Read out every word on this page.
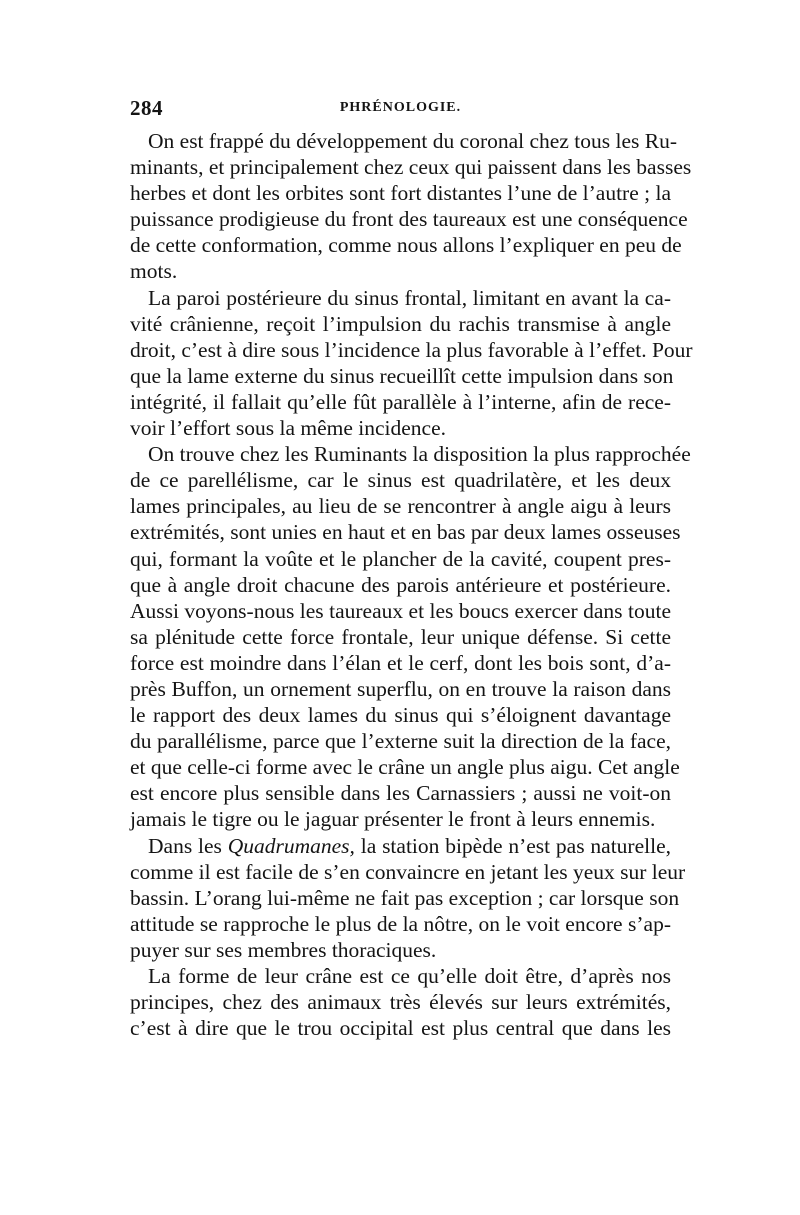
284	PHRÉNOLOGIE.
On est frappé du développement du coronal chez tous les Ru-
minants, et principalement chez ceux qui paissent dans les basses
herbes et dont les orbites sont fort distantes l’une de l’autre ; la
puissance prodigieuse du front des taureaux est une conséquence
de cette conformation, comme nous allons l’expliquer en peu de
mots.
La paroi postérieure du sinus frontal, limitant en avant la ca-
vité crânienne, reçoit l’impulsion du rachis transmise à angle
droit, c’est à dire sous l’incidence la plus favorable à l’effet. Pour
que la lame externe du sinus recueillît cette impulsion dans son
intégrité, il fallait qu’elle fût parallèle à l’interne, afin de rece-
voir l’effort sous la même incidence.
On trouve chez les Ruminants la disposition la plus rapprochée
de ce parellélisme, car le sinus est quadrilatère, et les deux
lames principales, au lieu de se rencontrer à angle aigu à leurs
extrémités, sont unies en haut et en bas par deux lames osseuses
qui, formant la voûte et le plancher de la cavité, coupent pres-
que à angle droit chacune des parois antérieure et postérieure.
Aussi voyons-nous les taureaux et les boucs exercer dans toute
sa plénitude cette force frontale, leur unique défense. Si cette
force est moindre dans l’élan et le cerf, dont les bois sont, d’a-
près Buffon, un ornement superflu, on en trouve la raison dans
le rapport des deux lames du sinus qui s’éloignent davantage
du parallélisme, parce que l’externe suit la direction de la face,
et que celle-ci forme avec le crâne un angle plus aigu. Cet angle
est encore plus sensible dans les Carnassiers ; aussi ne voit-on
jamais le tigre ou le jaguar présenter le front à leurs ennemis.
Dans les Quadrumanes, la station bipède n’est pas naturelle,
comme il est facile de s’en convaincre en jetant les yeux sur leur
bassin. L’orang lui-même ne fait pas exception ; car lorsque son
attitude se rapproche le plus de la nôtre, on le voit encore s’ap-
puyer sur ses membres thoraciques.
La forme de leur crâne est ce qu’elle doit être, d’après nos
principes, chez des animaux très élevés sur leurs extrémités,
c’est à dire que le trou occipital est plus central que dans les
